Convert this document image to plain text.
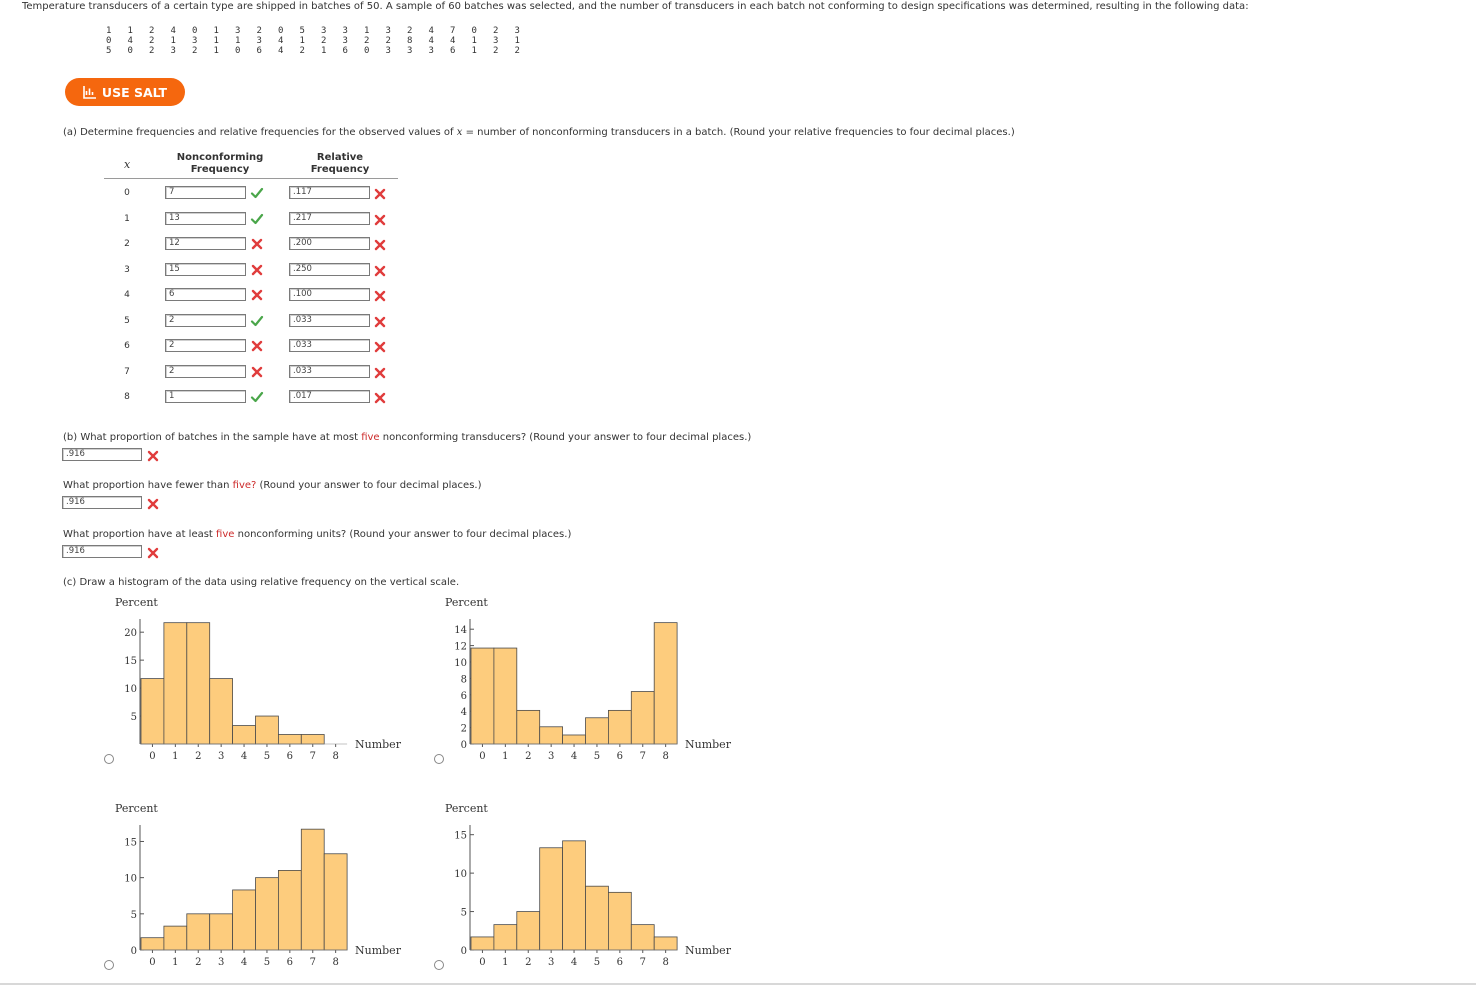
Temperature transducers of a certain type are shipped in batches of 50. A sample of 60 batches was selected, and the number of transducers in each batch not conforming to design specifications was determined, resulting in the following data:
1	1	2	4	0	1	3	2	0	5	3	3	1	3	2	4	7	0	2	3
0	4	2	1	3	1	1	3	4	1	2	3	2	2	8	4	4	1	3	1
5	0	2	3	2	1	0	6	4	2	1	6	0	3	3	3	6	1	2	2
USE SALT
(a) Determine frequencies and relative frequencies for the observed values of x = number of nonconforming transducers in a batch. (Round your relative frequencies to four decimal places.)
x
Nonconforming
Frequency
Relative
Frequency
0	7	.117
1	13	.217
2	12	.200
3	15	.250
4	6	.100
5	2	.033
6	2	.033
7	2	.033
8	1	.017
(b) What proportion of batches in the sample have at most five nonconforming transducers? (Round your answer to four decimal places.)
.916
What proportion have fewer than five? (Round your answer to four decimal places.)
.916
What proportion have at least five nonconforming units? (Round your answer to four decimal places.)
.916
(c) Draw a histogram of the data using relative frequency on the vertical scale.
Percent
Number
5
10
15
20
0 1 2 3 4 5 6 7 8
Percent
Number
0
2
4
6
8
10
12
14
0 1 2 3 4 5 6 7 8
Percent
Number
0
5
10
15
0 1 2 3 4 5 6 7 8
Percent
Number
0
5
10
15
0 1 2 3 4 5 6 7 8
